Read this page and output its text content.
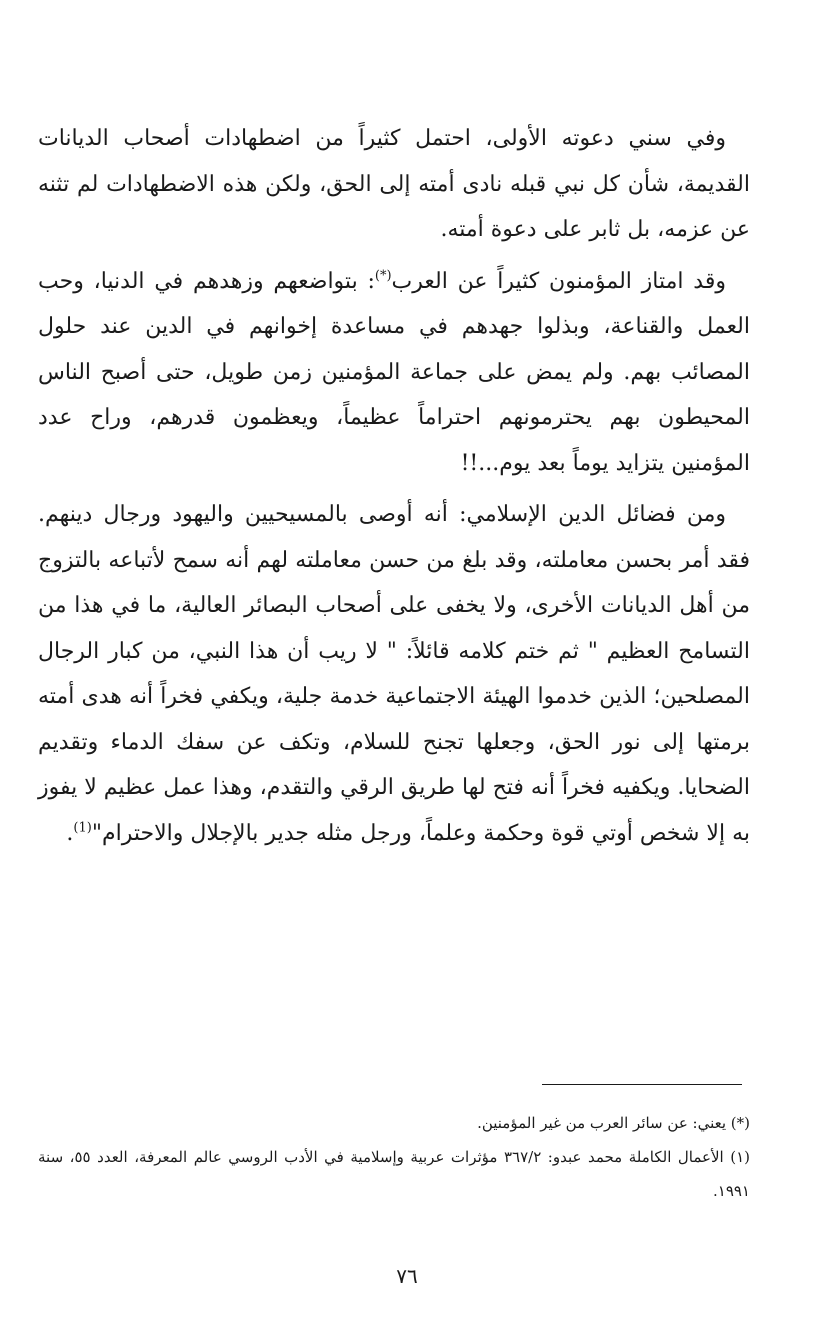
وفي سني دعوته الأولى، احتمل كثيراً من اضطهادات أصحاب الديانات القديمة، شأن كل نبي قبله نادى أمته إلى الحق، ولكن هذه الاضطهادات لم تثنه عن عزمه، بل ثابر على دعوة أمته.

وقد امتاز المؤمنون كثيراً عن العرب(*): بتواضعهم وزهدهم في الدنيا، وحب العمل والقناعة، وبذلوا جهدهم في مساعدة إخوانهم في الدين عند حلول المصائب بهم. ولم يمض على جماعة المؤمنين زمن طويل، حتى أصبح الناس المحيطون بهم يحترمونهم احتراماً عظيماً، ويعظمون قدرهم، وراح عدد المؤمنين يتزايد يوماً بعد يوم...!!

ومن فضائل الدين الإسلامي: أنه أوصى بالمسيحيين واليهود ورجال دينهم. فقد أمر بحسن معاملته، وقد بلغ من حسن معاملته لهم أنه سمح لأتباعه بالتزوج من أهل الديانات الأخرى، ولا يخفى على أصحاب البصائر العالية، ما في هذا من التسامح العظيم " ثم ختم كلامه قائلاً: " لا ريب أن هذا النبي، من كبار الرجال المصلحين؛ الذين خدموا الهيئة الاجتماعية خدمة جلية، ويكفي فخراً أنه هدى أمته برمتها إلى نور الحق، وجعلها تجنح للسلام، وتكف عن سفك الدماء وتقديم الضحايا. ويكفيه فخراً أنه فتح لها طريق الرقي والتقدم، وهذا عمل عظيم لا يفوز به إلا شخص أوتي قوة وحكمة وعلماً، ورجل مثله جدير بالإجلال والاحترام"$^{(1)}$.

(*) يعني: عن سائر العرب من غير المؤمنين.

(١) الأعمال الكاملة محمد عبدو: ٣٦٧/٢ مؤثرات عربية وإسلامية في الأدب الروسي عالم المعرفة، العدد ٥٥، سنة ١٩٩١.

٧٦
